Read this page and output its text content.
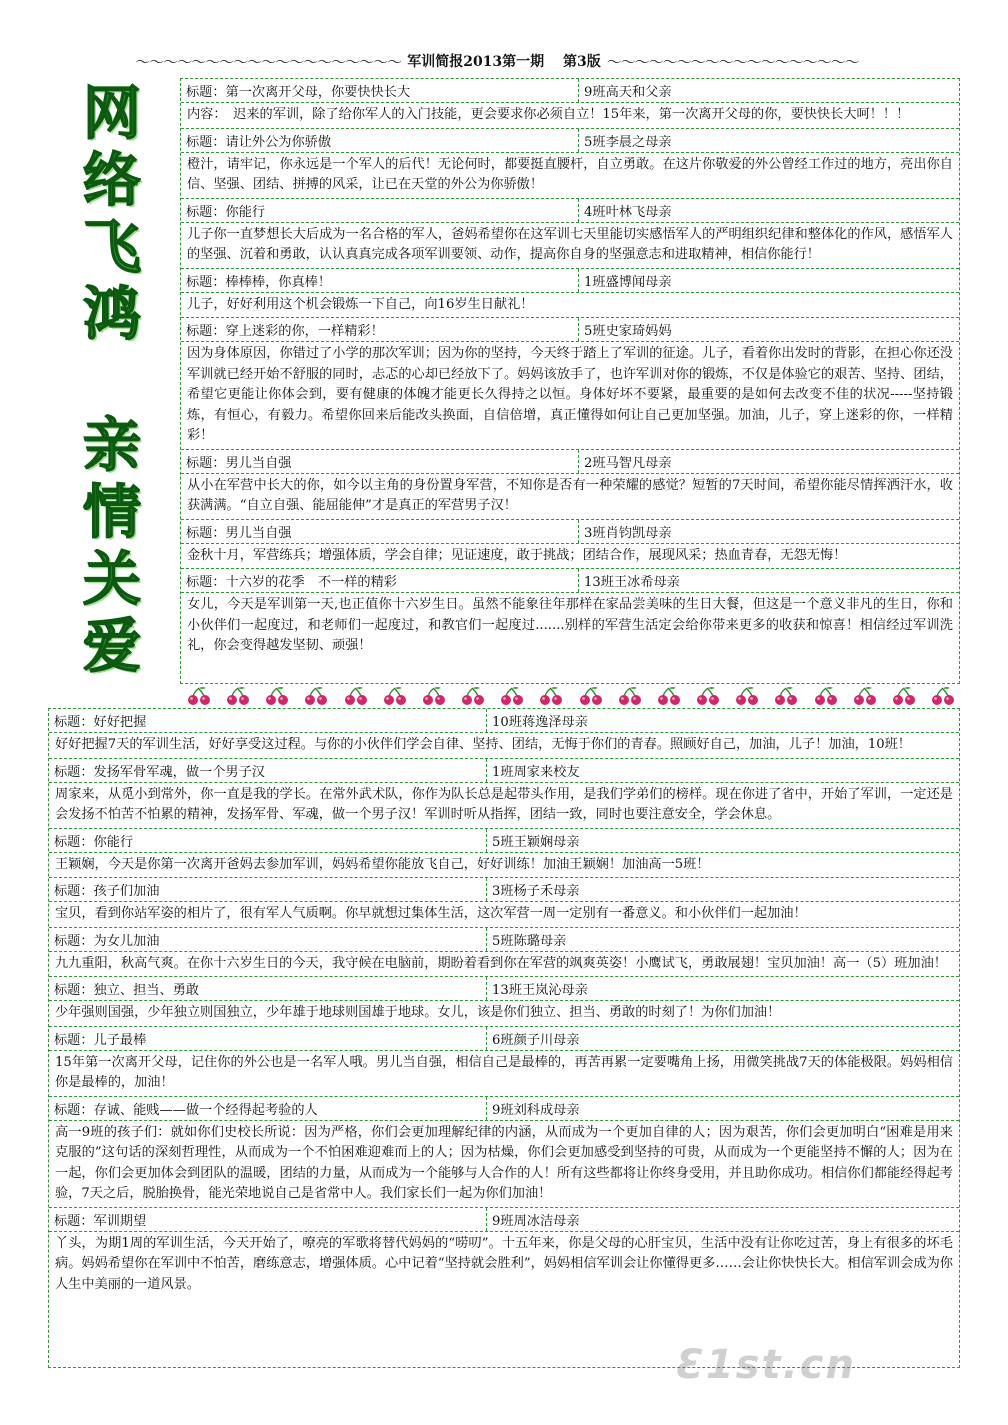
～～～～～～～～～～～～～～～～～～～ 军训简报2013第一期　 第3版 ～～～～～～～～～～～～～～～～～～
网
络
飞
鸿
亲
情
关
爱
标题：第一次离开父母，你要快快长大	9班高天和父亲
内容：　迟来的军训，除了给你军人的入门技能，更会要求你必须自立！15年来，第一次离开父母的你，要快快长大呵！！！
标题：请让外公为你骄傲	5班李晨之母亲
橙汁，请牢记，你永远是一个军人的后代！无论何时，都要挺直腰杆，自立勇敢。在这片你敬爱的外公曾经工作过的地方，亮出你自信、坚强、团结、拼搏的风采，让已在天堂的外公为你骄傲！
标题：你能行	4班叶林飞母亲
儿子你一直梦想长大后成为一名合格的军人，爸妈希望你在这军训七天里能切实感悟军人的严明组织纪律和整体化的作风，感悟军人的坚强、沉着和勇敢，认认真真完成各项军训要领、动作，提高你自身的坚强意志和进取精神，相信你能行！
标题：棒棒棒，你真棒！	1班盛博闻母亲
儿子，好好利用这个机会锻炼一下自己，向16岁生日献礼！
标题：穿上迷彩的你，一样精彩！	5班史家琦妈妈
因为身体原因，你错过了小学的那次军训；因为你的坚持，今天终于踏上了军训的征途。儿子，看着你出发时的背影，在担心你还没军训就已经开始不舒服的同时，忐忑的心却已经放下了。妈妈该放手了，也许军训对你的锻炼，不仅是体验它的艰苦、坚持、团结，希望它更能让你体会到，要有健康的体魄才能更长久得持之以恒。身体好坏不要紧，最重要的是如何去改变不佳的状况-----坚持锻炼，有恒心，有毅力。希望你回来后能改头换面，自信倍增，真正懂得如何让自己更加坚强。加油，儿子，穿上迷彩的你，一样精彩！
标题：男儿当自强	2班马智凡母亲
从小在军营中长大的你，如今以主角的身份置身军营，不知你是否有一种荣耀的感觉？短暂的7天时间，希望你能尽情挥洒汗水，收获满满。“自立自强、能屈能伸”才是真正的军营男子汉！
标题：男儿当自强	3班肖钧凯母亲
金秋十月，军营练兵；增强体质，学会自律；见证速度，敢于挑战；团结合作，展现风采；热血青春，无怨无悔！
标题：十六岁的花季　不一样的精彩	13班王冰希母亲
女儿，今天是军训第一天,也正值你十六岁生日。虽然不能象往年那样在家品尝美味的生日大餐，但这是一个意义非凡的生日，你和小伙伴们一起度过，和老师们一起度过，和教官们一起度过.......别样的军营生活定会给你带来更多的收获和惊喜！相信经过军训洗礼，你会变得越发坚韧、顽强！
标题：好好把握	10班蒋逸泽母亲
好好把握7天的军训生活，好好享受这过程。与你的小伙伴们学会自律、坚持、团结，无悔于你们的青春。照顾好自己，加油，儿子！加油，10班！
标题：发扬军骨军魂，做一个男子汉	1班周家来校友
周家来，从觅小到常外，你一直是我的学长。在常外武术队，你作为队长总是起带头作用，是我们学弟们的榜样。现在你进了省中，开始了军训，一定还是会发扬不怕苦不怕累的精神，发扬军骨、军魂，做一个男子汉！军训时听从指挥，团结一致，同时也要注意安全，学会休息。
标题：你能行	5班王颖娴母亲
王颖娴，今天是你第一次离开爸妈去参加军训，妈妈希望你能放飞自己，好好训练！加油王颖娴！加油高一5班！
标题：孩子们加油	3班杨子禾母亲
宝贝，看到你站军姿的相片了，很有军人气质啊。你早就想过集体生活，这次军营一周一定别有一番意义。和小伙伴们一起加油！
标题：为女儿加油	5班陈璐母亲
九九重阳，秋高气爽。在你十六岁生日的今天，我守候在电脑前，期盼着看到你在军营的飒爽英姿！小鹰试飞，勇敢展翅！宝贝加油！高一（5）班加油！
标题：独立、担当、勇敢	13班王岚沁母亲
少年强则国强，少年独立则国独立，少年雄于地球则国雄于地球。女儿，该是你们独立、担当、勇敢的时刻了！为你们加油！
标题：儿子最棒	6班颜子川母亲
15年第一次离开父母，记住你的外公也是一名军人哦。男儿当自强，相信自己是最棒的，再苦再累一定要嘴角上扬，用微笑挑战7天的体能极限。妈妈相信你是最棒的，加油！
标题：存诚、能贱——做一个经得起考验的人	9班刘科成母亲
高一9班的孩子们：就如你们史校长所说：因为严格，你们会更加理解纪律的内涵，从而成为一个更加自律的人；因为艰苦，你们会更加明白“困难是用来克服的”这句话的深刻哲理性，从而成为一个不怕困难迎难而上的人；因为枯燥，你们会更加感受到坚持的可贵，从而成为一个更能坚持不懈的人；因为在一起，你们会更加体会到团队的温暖，团结的力量，从而成为一个能够与人合作的人！所有这些都将让你终身受用，并且助你成功。相信你们都能经得起考验，7天之后，脱胎换骨，能光荣地说自己是省常中人。我们家长们一起为你们加油！
标题：军训期望	9班周冰洁母亲
丫头，为期1周的军训生活，今天开始了，嘹亮的军歌将替代妈妈的“唠叨”。十五年来，你是父母的心肝宝贝，生活中没有让你吃过苦，身上有很多的坏毛病。妈妈希望你在军训中不怕苦，磨练意志，增强体质。心中记着“坚持就会胜利”，妈妈相信军训会让你懂得更多……会让你快快长大。相信军训会成为你人生中美丽的一道风景。
Ɛ1st.cn
